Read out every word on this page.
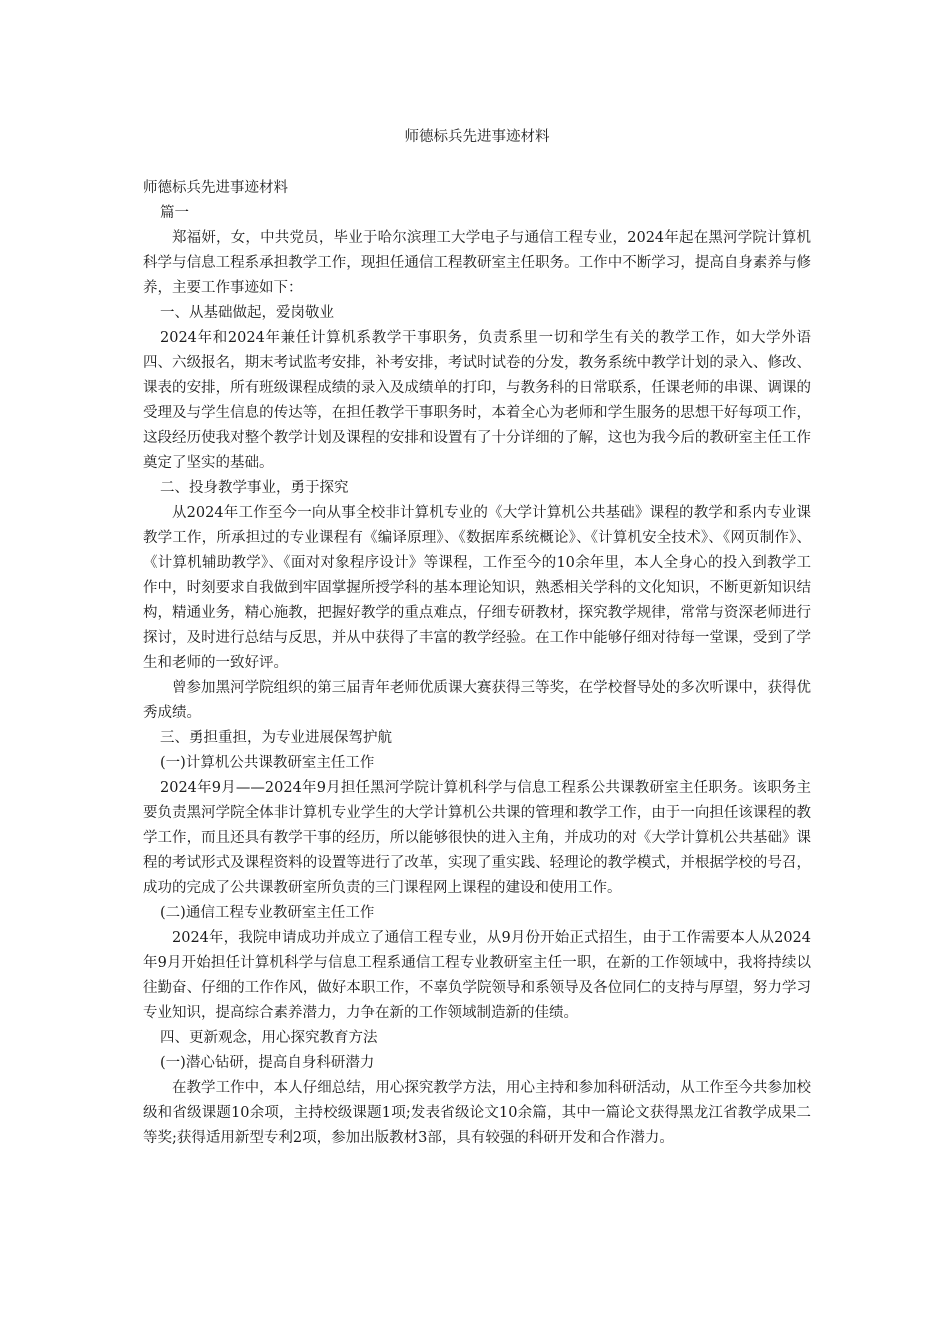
师德标兵先进事迹材料

师德标兵先进事迹材料

篇一

郑福妍，女，中共党员，毕业于哈尔滨理工大学电子与通信工程专业，2024年起在黑河学院计算机科学与信息工程系承担教学工作，现担任通信工程教研室主任职务。工作中不断学习，提高自身素养与修养，主要工作事迹如下：

一、从基础做起，爱岗敬业

2024年和2024年兼任计算机系教学干事职务，负责系里一切和学生有关的教学工作，如大学外语四、六级报名，期末考试监考安排，补考安排，考试时试卷的分发，教务系统中教学计划的录入、修改、课表的安排，所有班级课程成绩的录入及成绩单的打印，与教务科的日常联系，任课老师的串课、调课的受理及与学生信息的传达等，在担任教学干事职务时，本着全心为老师和学生服务的思想干好每项工作，这段经历使我对整个教学计划及课程的安排和设置有了十分详细的了解，这也为我今后的教研室主任工作奠定了坚实的基础。

二、投身教学事业，勇于探究

从2024年工作至今一向从事全校非计算机专业的《大学计算机公共基础》课程的教学和系内专业课教学工作，所承担过的专业课程有《编译原理》、《数据库系统概论》、《计算机安全技术》、《网页制作》、《计算机辅助教学》、《面对对象程序设计》等课程，工作至今的10余年里，本人全身心的投入到教学工作中，时刻要求自我做到牢固掌握所授学科的基本理论知识，熟悉相关学科的文化知识，不断更新知识结构，精通业务，精心施教，把握好教学的重点难点，仔细专研教材，探究教学规律，常常与资深老师进行探讨，及时进行总结与反思，并从中获得了丰富的教学经验。在工作中能够仔细对待每一堂课，受到了学生和老师的一致好评。

曾参加黑河学院组织的第三届青年老师优质课大赛获得三等奖，在学校督导处的多次听课中，获得优秀成绩。

三、勇担重担，为专业进展保驾护航

(一)计算机公共课教研室主任工作

2024年9月——2024年9月担任黑河学院计算机科学与信息工程系公共课教研室主任职务。该职务主要负责黑河学院全体非计算机专业学生的大学计算机公共课的管理和教学工作，由于一向担任该课程的教学工作，而且还具有教学干事的经历，所以能够很快的进入主角，并成功的对《大学计算机公共基础》课程的考试形式及课程资料的设置等进行了改革，实现了重实践、轻理论的教学模式，并根据学校的号召，成功的完成了公共课教研室所负责的三门课程网上课程的建设和使用工作。

(二)通信工程专业教研室主任工作

2024年，我院申请成功并成立了通信工程专业，从9月份开始正式招生，由于工作需要本人从2024年9月开始担任计算机科学与信息工程系通信工程专业教研室主任一职，在新的工作领域中，我将持续以往勤奋、仔细的工作作风，做好本职工作，不辜负学院领导和系领导及各位同仁的支持与厚望，努力学习专业知识，提高综合素养潜力，力争在新的工作领域制造新的佳绩。

四、更新观念，用心探究教育方法

(一)潜心钻研，提高自身科研潜力

在教学工作中，本人仔细总结，用心探究教学方法，用心主持和参加科研活动，从工作至今共参加校级和省级课题10余项，主持校级课题1项;发表省级论文10余篇，其中一篇论文获得黑龙江省教学成果二等奖;获得适用新型专利2项，参加出版教材3部，具有较强的科研开发和合作潜力。
